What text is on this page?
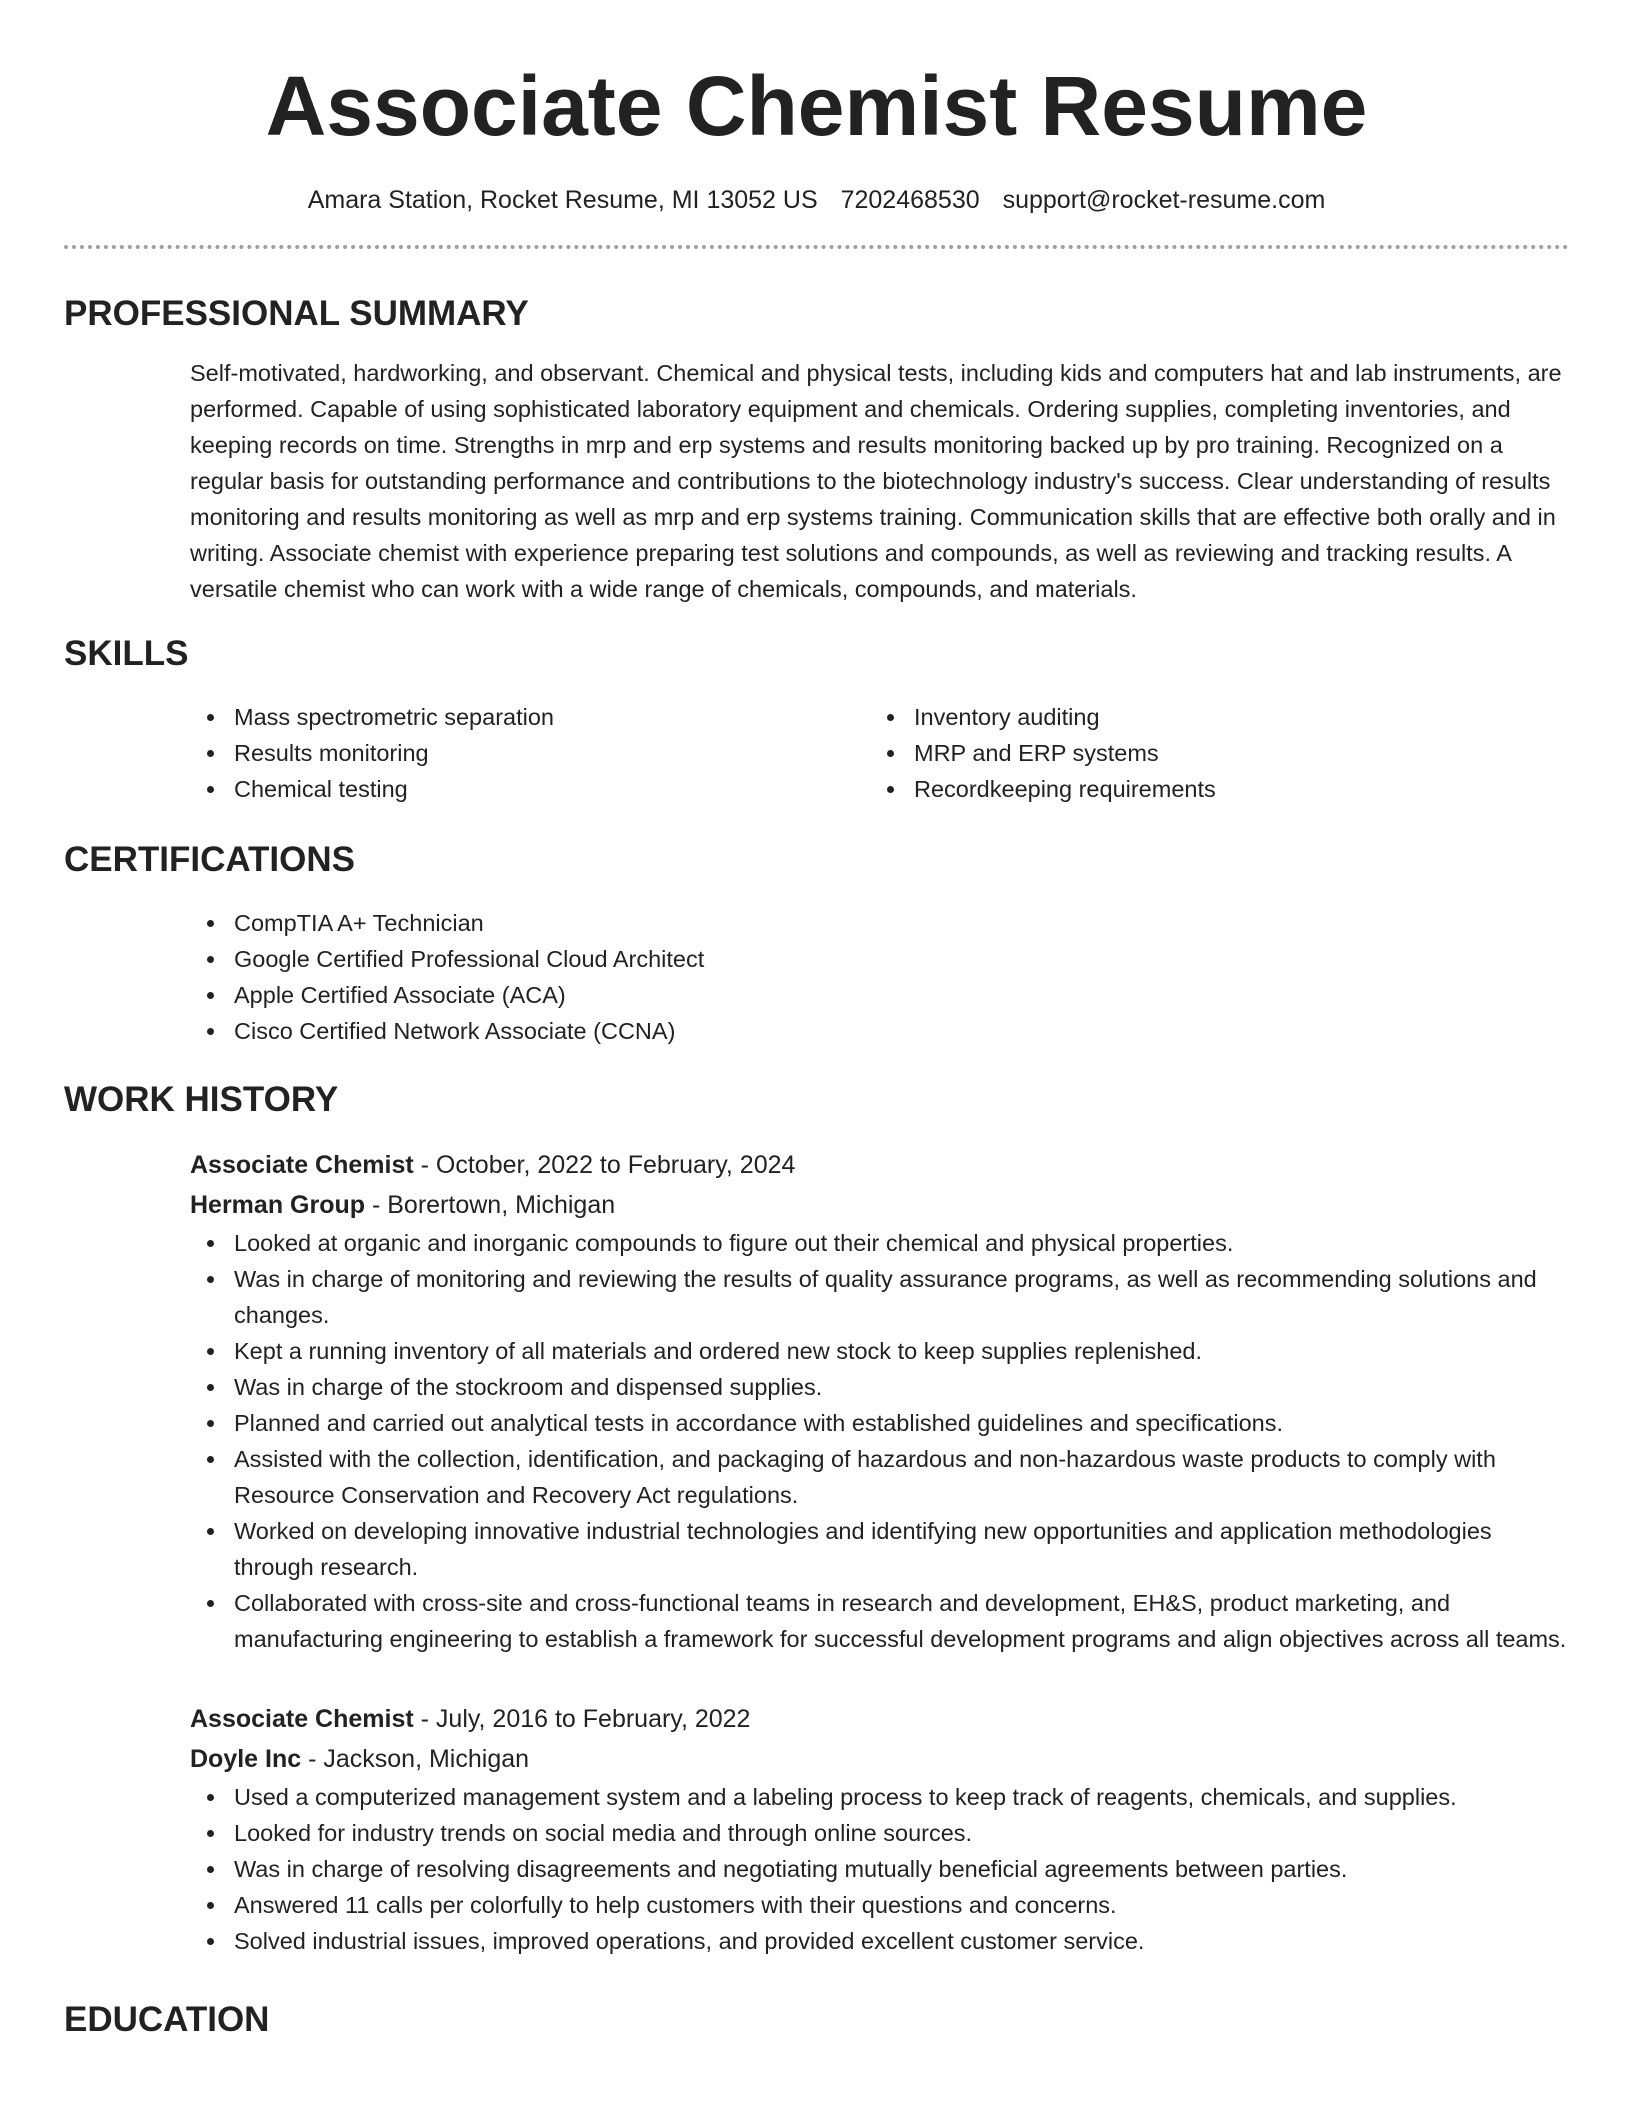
Associate Chemist Resume
Amara Station, Rocket Resume, MI 13052 US 7202468530 support@rocket-resume.com
PROFESSIONAL SUMMARY
Self-motivated, hardworking, and observant. Chemical and physical tests, including kids and computers hat and lab instruments, are performed. Capable of using sophisticated laboratory equipment and chemicals. Ordering supplies, completing inventories, and keeping records on time. Strengths in mrp and erp systems and results monitoring backed up by pro training. Recognized on a regular basis for outstanding performance and contributions to the biotechnology industry's success. Clear understanding of results monitoring and results monitoring as well as mrp and erp systems training. Communication skills that are effective both orally and in writing. Associate chemist with experience preparing test solutions and compounds, as well as reviewing and tracking results. A versatile chemist who can work with a wide range of chemicals, compounds, and materials.
SKILLS
Mass spectrometric separation
Results monitoring
Chemical testing
Inventory auditing
MRP and ERP systems
Recordkeeping requirements
CERTIFICATIONS
CompTIA A+ Technician
Google Certified Professional Cloud Architect
Apple Certified Associate (ACA)
Cisco Certified Network Associate (CCNA)
WORK HISTORY
Associate Chemist - October, 2022 to February, 2024
Herman Group - Borertown, Michigan
Looked at organic and inorganic compounds to figure out their chemical and physical properties.
Was in charge of monitoring and reviewing the results of quality assurance programs, as well as recommending solutions and changes.
Kept a running inventory of all materials and ordered new stock to keep supplies replenished.
Was in charge of the stockroom and dispensed supplies.
Planned and carried out analytical tests in accordance with established guidelines and specifications.
Assisted with the collection, identification, and packaging of hazardous and non-hazardous waste products to comply with Resource Conservation and Recovery Act regulations.
Worked on developing innovative industrial technologies and identifying new opportunities and application methodologies through research.
Collaborated with cross-site and cross-functional teams in research and development, EH&S, product marketing, and manufacturing engineering to establish a framework for successful development programs and align objectives across all teams.
Associate Chemist - July, 2016 to February, 2022
Doyle Inc - Jackson, Michigan
Used a computerized management system and a labeling process to keep track of reagents, chemicals, and supplies.
Looked for industry trends on social media and through online sources.
Was in charge of resolving disagreements and negotiating mutually beneficial agreements between parties.
Answered 11 calls per colorfully to help customers with their questions and concerns.
Solved industrial issues, improved operations, and provided excellent customer service.
EDUCATION
